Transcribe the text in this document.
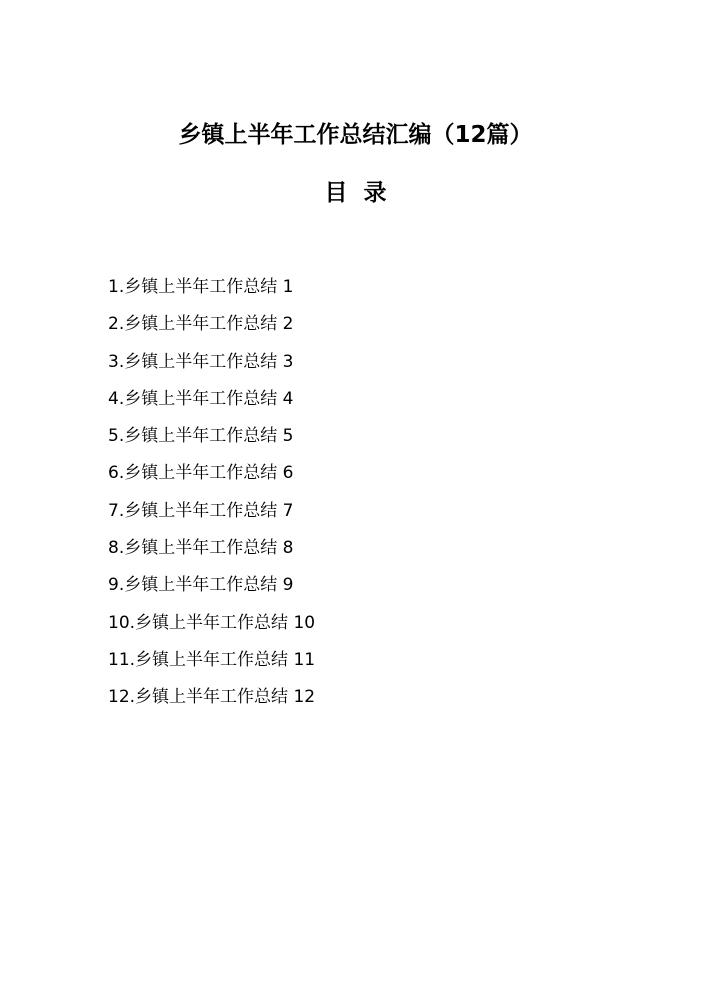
乡镇上半年工作总结汇编（12篇）
目  录
1.乡镇上半年工作总结 1
2.乡镇上半年工作总结 2
3.乡镇上半年工作总结 3
4.乡镇上半年工作总结 4
5.乡镇上半年工作总结 5
6.乡镇上半年工作总结 6
7.乡镇上半年工作总结 7
8.乡镇上半年工作总结 8
9.乡镇上半年工作总结 9
10.乡镇上半年工作总结 10
11.乡镇上半年工作总结 11
12.乡镇上半年工作总结 12
